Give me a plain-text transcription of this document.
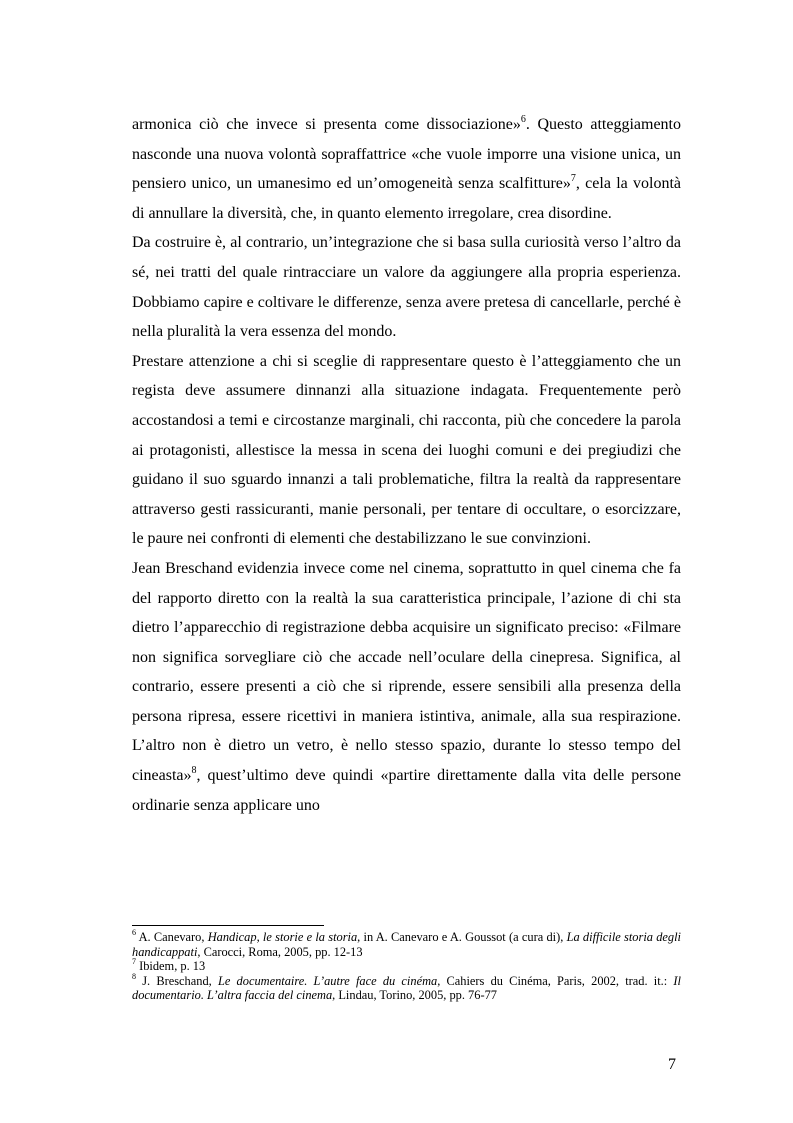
armonica ciò che invece si presenta come dissociazione»$^6$. Questo atteggiamento nasconde una nuova volontà sopraffattrice «che vuole imporre una visione unica, un pensiero unico, un umanesimo ed un’omogeneità senza scalfitture»$^7$, cela la volontà di annullare la diversità, che, in quanto elemento irregolare, crea disordine.

Da costruire è, al contrario, un’integrazione che si basa sulla curiosità verso l’altro da sé, nei tratti del quale rintracciare un valore da aggiungere alla propria esperienza. Dobbiamo capire e coltivare le differenze, senza avere pretesa di cancellarle, perché è nella pluralità la vera essenza del mondo.

Prestare attenzione a chi si sceglie di rappresentare questo è l’atteggiamento che un regista deve assumere dinnanzi alla situazione indagata. Frequentemente però accostandosi a temi e circostanze marginali, chi racconta, più che concedere la parola ai protagonisti, allestisce la messa in scena dei luoghi comuni e dei pregiudizi che guidano il suo sguardo innanzi a tali problematiche, filtra la realtà da rappresentare attraverso gesti rassicuranti, manie personali, per tentare di occultare, o esorcizzare, le paure nei confronti di elementi che destabilizzano le sue convinzioni.

Jean Breschand evidenzia invece come nel cinema, soprattutto in quel cinema che fa del rapporto diretto con la realtà la sua caratteristica principale, l’azione di chi sta dietro l’apparecchio di registrazione debba acquisire un significato preciso: «Filmare non significa sorvegliare ciò che accade nell’oculare della cinepresa. Significa, al contrario, essere presenti a ciò che si riprende, essere sensibili alla presenza della persona ripresa, essere ricettivi in maniera istintiva, animale, alla sua respirazione. L’altro non è dietro un vetro, è nello stesso spazio, durante lo stesso tempo del cineasta»$^8$, quest’ultimo deve quindi «partire direttamente dalla vita delle persone ordinarie senza applicare uno

$^6$ A. Canevaro, Handicap, le storie e la storia, in A. Canevaro e A. Goussot (a cura di), La difficile storia degli handicappati, Carocci, Roma, 2005, pp. 12-13

$^7$ Ibidem, p. 13

$^8$ J. Breschand, Le documentaire. L’autre face du cinéma, Cahiers du Cinéma, Paris, 2002, trad. it.: Il documentario. L’altra faccia del cinema, Lindau, Torino, 2005, pp. 76-77

7
